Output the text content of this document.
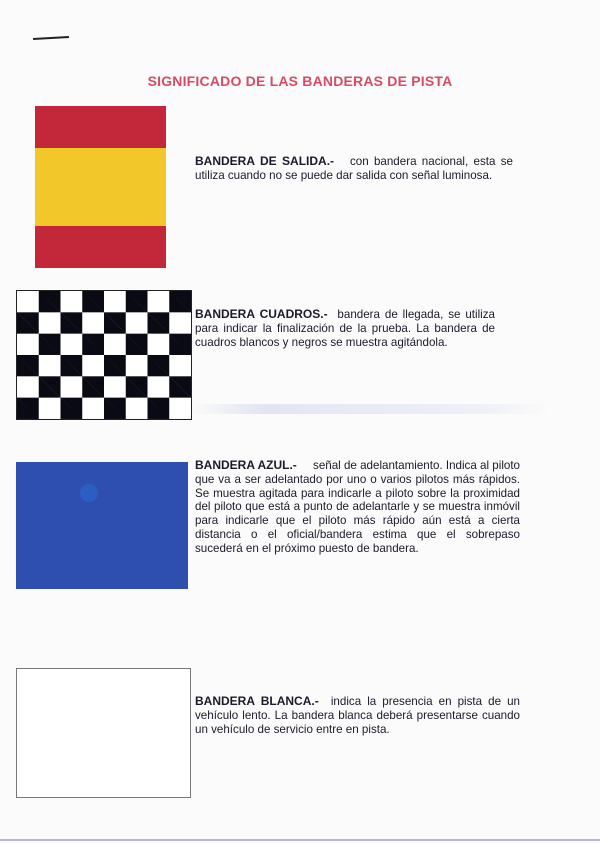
SIGNIFICADO DE LAS BANDERAS DE PISTA
BANDERA DE SALIDA.- con bandera nacional, esta se utiliza cuando no se puede dar salida con señal luminosa.
BANDERA CUADROS.- bandera de llegada, se utiliza para indicar la finalización de la prueba. La bandera de cuadros blancos y negros se muestra agitándola.
BANDERA AZUL.- señal de adelantamiento. Indica al piloto que va a ser adelantado por uno o varios pilotos más rápidos. Se muestra agitada para indicarle a piloto sobre la proximidad del piloto que está a punto de adelantarle y se muestra inmóvil para indicarle que el piloto más rápido aún está a cierta distancia o el oficial/bandera estima que el sobrepaso sucederá en el próximo puesto de bandera.
BANDERA BLANCA.- indica la presencia en pista de un vehículo lento. La bandera blanca deberá presentarse cuando un vehículo de servicio entre en pista.
